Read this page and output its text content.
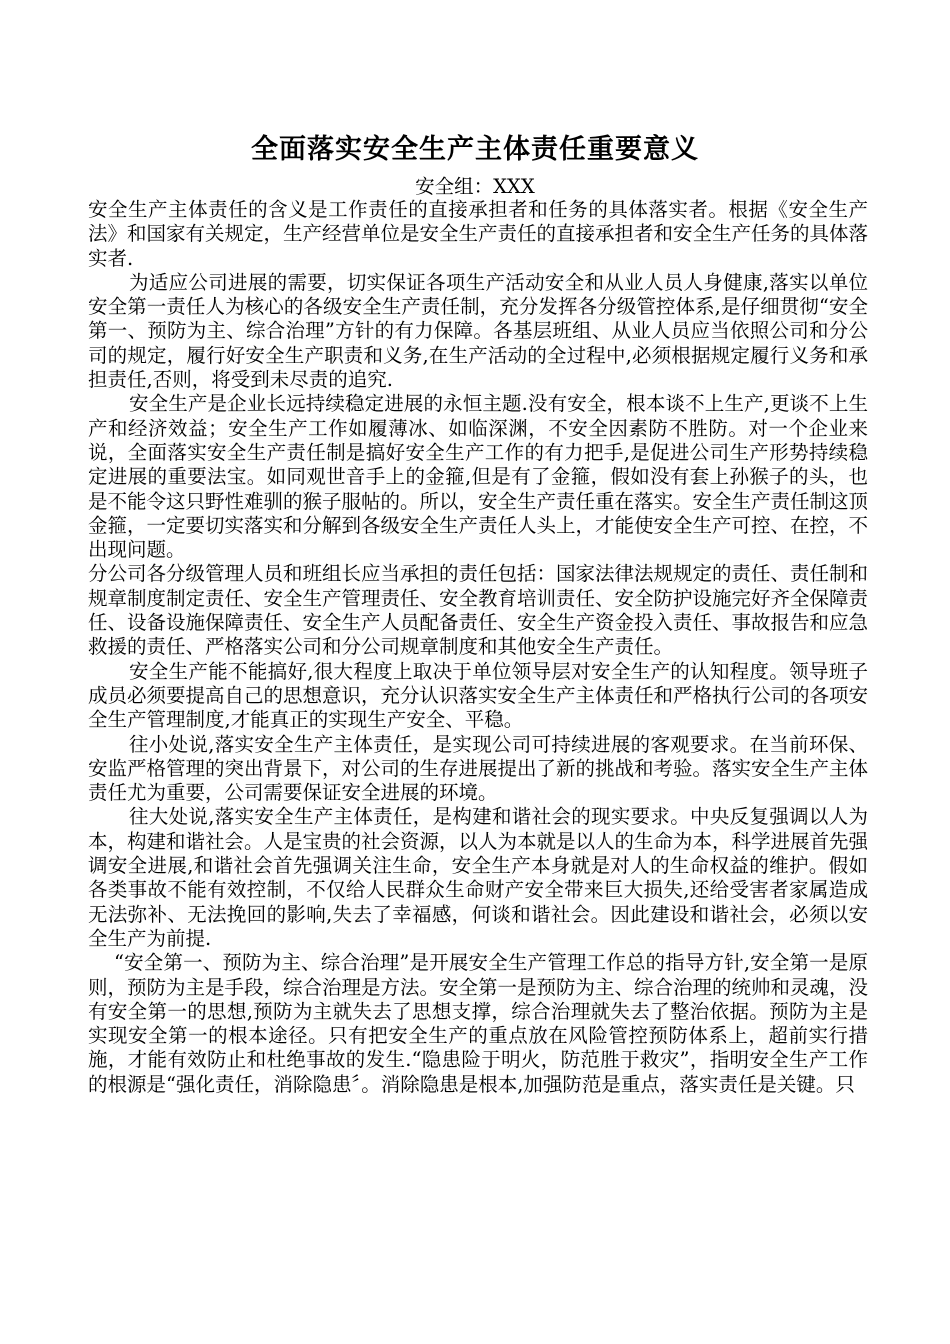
全面落实安全生产主体责任重要意义
安全组：XXX

安全生产主体责任的含义是工作责任的直接承担者和任务的具体落实者。根据《安全生产法》和国家有关规定，生产经营单位是安全生产责任的直接承担者和安全生产任务的具体落实者.

为适应公司进展的需要，切实保证各项生产活动安全和从业人员人身健康,落实以单位安全第一责任人为核心的各级安全生产责任制，充分发挥各分级管控体系,是仔细贯彻“安全第一、预防为主、综合治理”方针的有力保障。各基层班组、从业人员应当依照公司和分公司的规定，履行好安全生产职责和义务,在生产活动的全过程中,必须根据规定履行义务和承担责任,否则，将受到未尽责的追究.

安全生产是企业长远持续稳定进展的永恒主题.没有安全，根本谈不上生产,更谈不上生产和经济效益；安全生产工作如履薄冰、如临深渊，不安全因素防不胜防。对一个企业来说，全面落实安全生产责任制是搞好安全生产工作的有力把手,是促进公司生产形势持续稳定进展的重要法宝。如同观世音手上的金箍,但是有了金箍，假如没有套上孙猴子的头，也是不能令这只野性难驯的猴子服帖的。所以，安全生产责任重在落实。安全生产责任制这顶金箍，一定要切实落实和分解到各级安全生产责任人头上，才能使安全生产可控、在控，不出现问题。

分公司各分级管理人员和班组长应当承担的责任包括：国家法律法规规定的责任、责任制和规章制度制定责任、安全生产管理责任、安全教育培训责任、安全防护设施完好齐全保障责任、设备设施保障责任、安全生产人员配备责任、安全生产资金投入责任、事故报告和应急救援的责任、严格落实公司和分公司规章制度和其他安全生产责任。

安全生产能不能搞好,很大程度上取决于单位领导层对安全生产的认知程度。领导班子成员必须要提高自己的思想意识，充分认识落实安全生产主体责任和严格执行公司的各项安全生产管理制度,才能真正的实现生产安全、平稳。

往小处说,落实安全生产主体责任，是实现公司可持续进展的客观要求。在当前环保、安监严格管理的突出背景下，对公司的生存进展提出了新的挑战和考验。落实安全生产主体责任尤为重要，公司需要保证安全进展的环境。

往大处说,落实安全生产主体责任，是构建和谐社会的现实要求。中央反复强调以人为本，构建和谐社会。人是宝贵的社会资源，以人为本就是以人的生命为本，科学进展首先强调安全进展,和谐社会首先强调关注生命，安全生产本身就是对人的生命权益的维护。假如各类事故不能有效控制，不仅给人民群众生命财产安全带来巨大损失,还给受害者家属造成无法弥补、无法挽回的影响,失去了幸福感，何谈和谐社会。因此建设和谐社会，必须以安全生产为前提.

“安全第一、预防为主、综合治理”是开展安全生产管理工作总的指导方针,安全第一是原则，预防为主是手段，综合治理是方法。安全第一是预防为主、综合治理的统帅和灵魂，没有安全第一的思想,预防为主就失去了思想支撑，综合治理就失去了整治依据。预防为主是实现安全第一的根本途径。只有把安全生产的重点放在风险管控预防体系上，超前实行措施，才能有效防止和杜绝事故的发生.“隐患险于明火，防范胜于救灾”，指明安全生产工作的根源是“强化责任，消除隐患〞。消除隐患是根本,加强防范是重点，落实责任是关键。只
